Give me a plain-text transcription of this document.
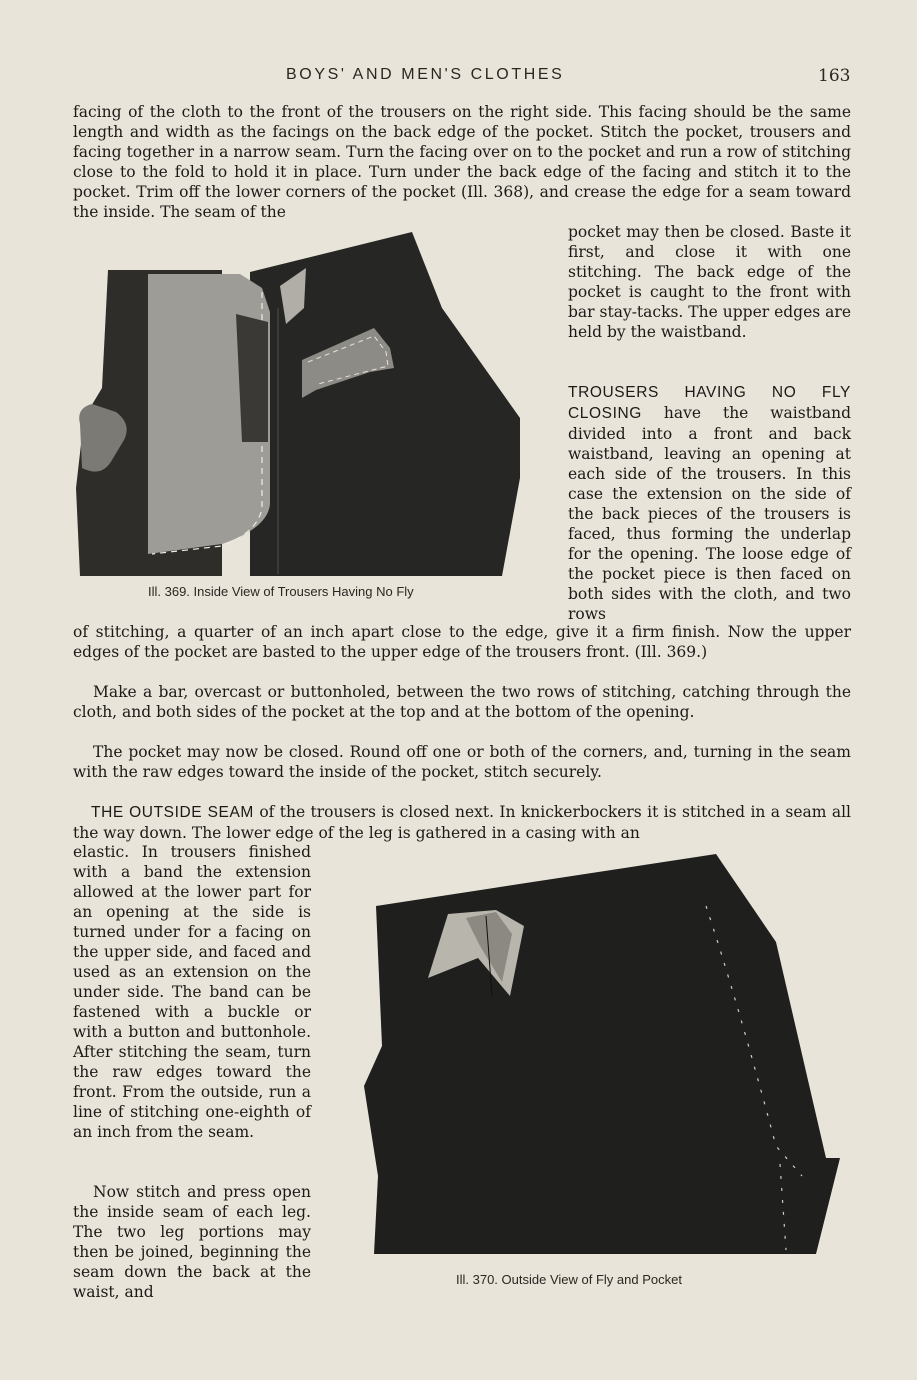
BOYS' AND MEN'S CLOTHES	163

facing of the cloth to the front of the trousers on the right side. This facing should be the same length and width as the facings on the back edge of the pocket. Stitch the pocket, trousers and facing together in a narrow seam. Turn the facing over on to the pocket and run a row of stitching close to the fold to hold it in place. Turn under the back edge of the facing and stitch it to the pocket. Trim off the lower corners of the pocket (Ill. 368), and crease the edge for a seam toward the inside. The seam of the

pocket may then be closed. Baste it first, and close it with one stitching. The back edge of the pocket is caught to the front with bar stay-tacks. The upper edges are held by the waistband.

Ill. 369. Inside View of Trousers Having No Fly

TROUSERS HAVING NO FLY CLOSING have the waistband divided into a front and back waistband, leaving an opening at each side of the trousers. In this case the extension on the side of the back pieces of the trousers is faced, thus forming the underlap for the opening. The loose edge of the pocket piece is then faced on both sides with the cloth, and two rows

of stitching, a quarter of an inch apart close to the edge, give it a firm finish. Now the upper edges of the pocket are basted to the upper edge of the trousers front. (Ill. 369.)

Make a bar, overcast or buttonholed, between the two rows of stitching, catching through the cloth, and both sides of the pocket at the top and at the bottom of the opening.

The pocket may now be closed. Round off one or both of the corners, and, turning in the seam with the raw edges toward the inside of the pocket, stitch securely.

THE OUTSIDE SEAM of the trousers is closed next. In knickerbockers it is stitched in a seam all the way down. The lower edge of the leg is gathered in a casing with an

elastic. In trousers finished with a band the extension allowed at the lower part for an opening at the side is turned under for a facing on the upper side, and faced and used as an extension on the under side. The band can be fastened with a buckle or with a button and buttonhole. After stitching the seam, turn the raw edges toward the front. From the outside, run a line of stitching one-eighth of an inch from the seam.

Now stitch and press open the inside seam of each leg. The two leg portions may then be joined, beginning the seam down the back at the waist, and

Ill. 370. Outside View of Fly and Pocket
